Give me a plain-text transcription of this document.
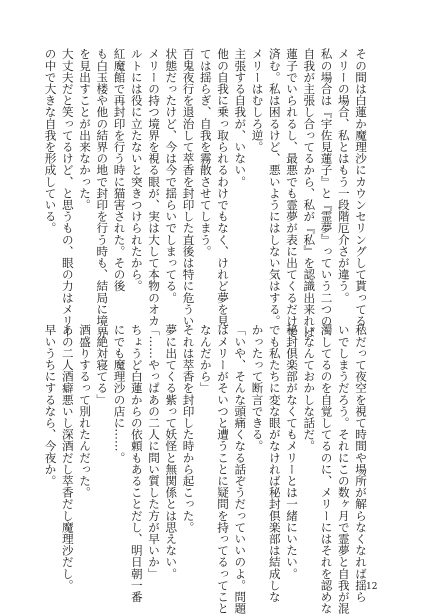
その間は白蓮か魔理沙にカウンセリングして貰ってる。
メリーの場合、私とはもう一段階厄介さが違う。
私の場合は『宇佐見蓮子』と『霊夢』っていう二つの
自我が主張し合ってるから、私が『私』を認識出来れば
蓮子でいられるし、最悪でも霊夢が表に出てくるだけで
済む。私は困るけど、悪いようにはしない気はする。
メリーはむしろ逆。
主張する自我が、いない。
他の自我に乗っ取られるわけでもなく、けれど夢を見
ては揺らぎ、自我を霧散させてしまう。
百鬼夜行を退治して萃香を封印した直後は特に危うい
状態だったけど、今は今で揺らいでしまってる。
メリーの持つ境界を視る眼が、実は大して本物のオカ
ルトには役に立たないと突きつけられたから。
紅魔館で再封印を行う時に猫害された。その後
も白玉楼や他の結界の地で封印を行う時も、結局に境界
を見出すことが出来なかった。
大丈夫だと笑ってるけど、と思うもの、眼の力はメリー
の中で大きな自我を形成している。
私だって夜空を視て時間や場所が解らなくなれば揺ら
いでしまうだろう。それにこの数ヶ月で霊夢と自我が混
濁してるのを自覚してるのに、メリーにはそれを認めな
いなんておかしな話だ。
秘封倶楽部がなくてもメリーとは一緒にいたい。
でも私たちに変な眼がなければ秘封倶楽部は結成しな
かったって断言できる。
「いや、そんな頭痛くなる話ぞうだっていいのよ。問題
はメリーがそいつと遭うことに疑問を持ってるってこと
なんだから」
それは萃香を封印した時から起こった。
夢に出てくる紫って妖怪と無関係とは思えない。
「……やっぱあの二人に問い質した方が早いか」
ちょうど白蓮からの依頼もあることだし、明日朝一番
にでも魔理沙の店に……。
「絶対寝てる」
酒盛りするって別れたんだった。
あの二人酒癖悪いし深酒だし萃香だし魔理沙だし。
早いうちにするなら、今夜か。
12
